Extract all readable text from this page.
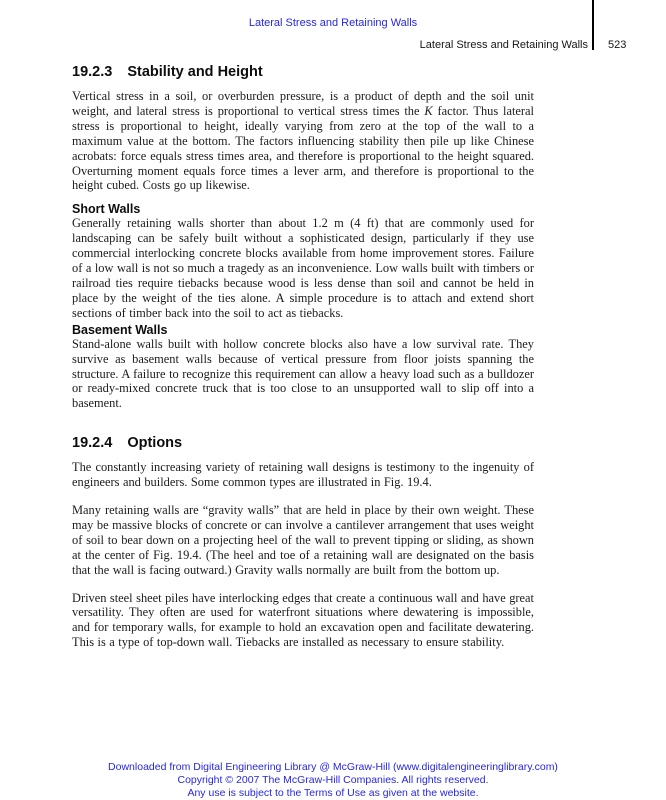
Lateral Stress and Retaining Walls
Lateral Stress and Retaining Walls 523
19.2.3 Stability and Height

Vertical stress in a soil, or overburden pressure, is a product of depth and the soil unit weight, and lateral stress is proportional to vertical stress times the K factor. Thus lateral stress is proportional to height, ideally varying from zero at the top of the wall to a maximum value at the bottom. The factors influencing stability then pile up like Chinese acrobats: force equals stress times area, and therefore is proportional to the height squared. Overturning moment equals force times a lever arm, and therefore is proportional to the height cubed. Costs go up likewise.

Short Walls

Generally retaining walls shorter than about 1.2 m (4 ft) that are commonly used for landscaping can be safely built without a sophisticated design, particularly if they use commercial interlocking concrete blocks available from home improvement stores. Failure of a low wall is not so much a tragedy as an inconvenience. Low walls built with timbers or railroad ties require tiebacks because wood is less dense than soil and cannot be held in place by the weight of the ties alone. A simple procedure is to attach and extend short sections of timber back into the soil to act as tiebacks.

Basement Walls

Stand-alone walls built with hollow concrete blocks also have a low survival rate. They survive as basement walls because of vertical pressure from floor joists spanning the structure. A failure to recognize this requirement can allow a heavy load such as a bulldozer or ready-mixed concrete truck that is too close to an unsupported wall to slip off into a basement.

19.2.4 Options

The constantly increasing variety of retaining wall designs is testimony to the ingenuity of engineers and builders. Some common types are illustrated in Fig. 19.4.

Many retaining walls are “gravity walls” that are held in place by their own weight. These may be massive blocks of concrete or can involve a cantilever arrangement that uses weight of soil to bear down on a projecting heel of the wall to prevent tipping or sliding, as shown at the center of Fig. 19.4. (The heel and toe of a retaining wall are designated on the basis that the wall is facing outward.) Gravity walls normally are built from the bottom up.

Driven steel sheet piles have interlocking edges that create a continuous wall and have great versatility. They often are used for waterfront situations where dewatering is impossible, and for temporary walls, for example to hold an excavation open and facilitate dewatering. This is a type of top-down wall. Tiebacks are installed as necessary to ensure stability.

Downloaded from Digital Engineering Library @ McGraw-Hill (www.digitalengineeringlibrary.com)
Copyright © 2007 The McGraw-Hill Companies. All rights reserved.
Any use is subject to the Terms of Use as given at the website.
